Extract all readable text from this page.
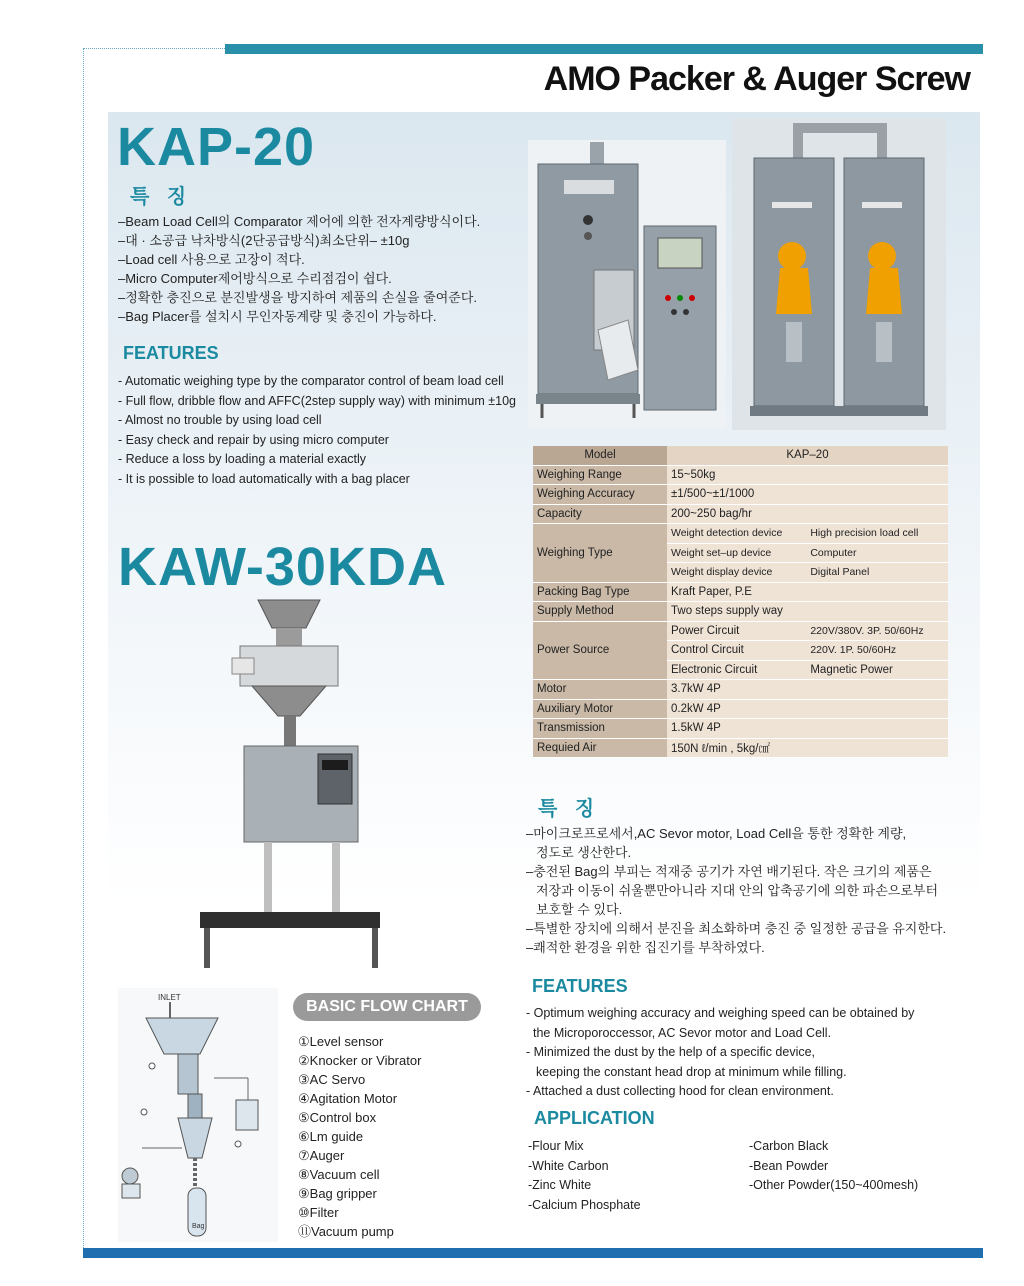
AMO Packer & Auger Screw
KAP-20
특 징
–Beam Load Cell의 Comparator 제어에 의한 전자계량방식이다.
–대 · 소공급 낙차방식(2단공급방식)최소단위– ±10g
–Load cell 사용으로 고장이 적다.
–Micro Computer제어방식으로 수리점검이 쉽다.
–정확한 충진으로 분진발생을 방지하여 제품의 손실을 줄여준다.
–Bag Placer를 설치시 무인자동계량 및 충진이 가능하다.
FEATURES
- Automatic weighing type by the comparator control of beam load cell
- Full flow, dribble flow and AFFC(2step supply way) with minimum ±10g
- Almost no trouble by using load cell
- Easy check and repair by using micro computer
- Reduce a loss by loading a material exactly
- It is possible to load automatically with a bag placer
Model	KAP–20	
Weighing Range	15~50kg	
Weighing Accuracy	±1/500~±1/1000	
Capacity	200~250 bag/hr	
Weighing Type	Weight detection device	High precision load cell
	Weight set–up device	Computer
	Weight display device	Digital Panel
Packing Bag Type	Kraft Paper, P.E	
Supply Method	Two steps supply way	
Power Source	Power Circuit	220V/380V. 3P. 50/60Hz
	Control Circuit	220V. 1P. 50/60Hz
	Electronic Circuit	Magnetic Power
Motor	3.7kW 4P	
Auxiliary Motor	0.2kW 4P	
Transmission	1.5kW 4P	
Requied Air	150N ℓ/min , 5kg/㎠	
KAW-30KDA
특 징
–마이크로프로세서,AC Sevor motor, Load Cell을 통한 정확한 계량,
정도로 생산한다.
–충전된 Bag의 부피는 적재중 공기가 자연 배기된다. 작은 크기의 제품은
저장과 이동이 쉬울뿐만아니라 지대 안의 압축공기에 의한 파손으로부터
보호할 수 있다.
–특별한 장치에 의해서 분진을 최소화하며 충진 중 일정한 공급을 유지한다.
–쾌적한 환경을 위한 집진기를 부착하였다.
FEATURES
- Optimum weighing accuracy and weighing speed can be obtained by
the Microporoccessor, AC Sevor motor and Load Cell.
- Minimized the dust by the help of a specific device,
keeping the constant head drop at minimum while filling.
- Attached a dust collecting hood for clean environment.
APPLICATION
-Flour Mix
-White Carbon
-Zinc White
-Calcium Phosphate
-Carbon Black
-Bean Powder
-Other Powder(150~400mesh)
INLET
Bag
BASIC FLOW CHART
①Level sensor
②Knocker or Vibrator
③AC Servo
④Agitation Motor
⑤Control box
⑥Lm guide
⑦Auger
⑧Vacuum cell
⑨Bag gripper
⑩Filter
⑪Vacuum pump
